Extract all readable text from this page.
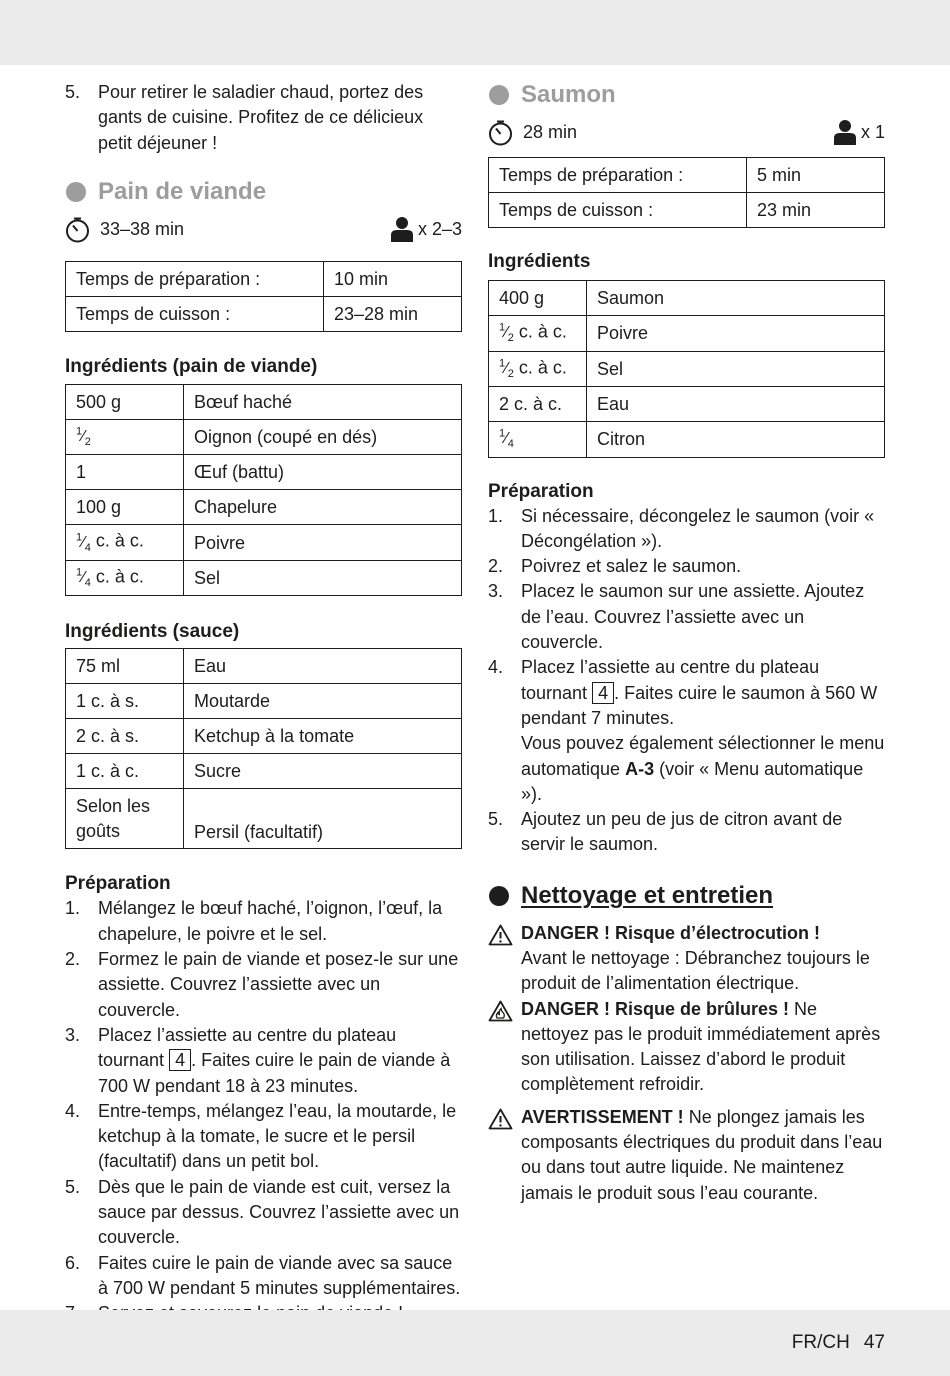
5. Pour retirer le saladier chaud, portez des gants de cuisine. Profitez de ce délicieux petit déjeuner !
Pain de viande
33–38 min	x 2–3
Temps de préparation :	10 min
Temps de cuisson :	23–28 min
Ingrédients (pain de viande)
500 g	Bœuf haché
$^1⁄_2$	Oignon (coupé en dés)
1	Œuf (battu)
100 g	Chapelure
$^1⁄_4$ c. à c.	Poivre
$^1⁄_4$ c. à c.	Sel
Ingrédients (sauce)
75 ml	Eau
1 c. à s.	Moutarde
2 c. à s.	Ketchup à la tomate
1 c. à c.	Sucre
Selon les goûts	Persil (facultatif)
Préparation
1. Mélangez le bœuf haché, l’oignon, l’œuf, la chapelure, le poivre et le sel.
2. Formez le pain de viande et posez-le sur une assiette. Couvrez l’assiette avec un couvercle.
3. Placez l’assiette au centre du plateau tournant 4 . Faites cuire le pain de viande à 700 W pendant 18 à 23 minutes.
4. Entre-temps, mélangez l’eau, la moutarde, le ketchup à la tomate, le sucre et le persil (facultatif) dans un petit bol.
5. Dès que le pain de viande est cuit, versez la sauce par dessus. Couvrez l’assiette avec un couvercle.
6. Faites cuire le pain de viande avec sa sauce à 700 W pendant 5 minutes supplémentaires.
Saumon
28 min	x 1
Temps de préparation :	5 min
Temps de cuisson :	23 min
Ingrédients
400 g	Saumon
$^1⁄_2$ c. à c.	Poivre
$^1⁄_2$ c. à c.	Sel
2 c. à c.	Eau
$^1⁄_4$	Citron
Préparation
1. Si nécessaire, décongelez le saumon (voir « Décongélation »).
2. Poivrez et salez le saumon.
3. Placez le saumon sur une assiette. Ajoutez de l’eau. Couvrez l’assiette avec un couvercle.
4. Placez l’assiette au centre du plateau tournant 4 . Faites cuire le saumon à 560 W pendant 7 minutes.
Vous pouvez également sélectionner le menu automatique A-3 (voir « Menu automatique »).
5. Ajoutez un peu de jus de citron avant de servir le saumon.
Nettoyage et entretien
DANGER ! Risque d’électrocution !
Avant le nettoyage : Débranchez toujours le produit de l’alimentation électrique.
DANGER ! Risque de brûlures ! Ne nettoyez pas le produit immédiatement après son utilisation. Laissez d’abord le produit complètement refroidir.
AVERTISSEMENT ! Ne plongez jamais les composants électriques du produit dans l’eau ou dans tout autre liquide. Ne maintenez jamais le produit sous l’eau courante.
FR/CH 47
